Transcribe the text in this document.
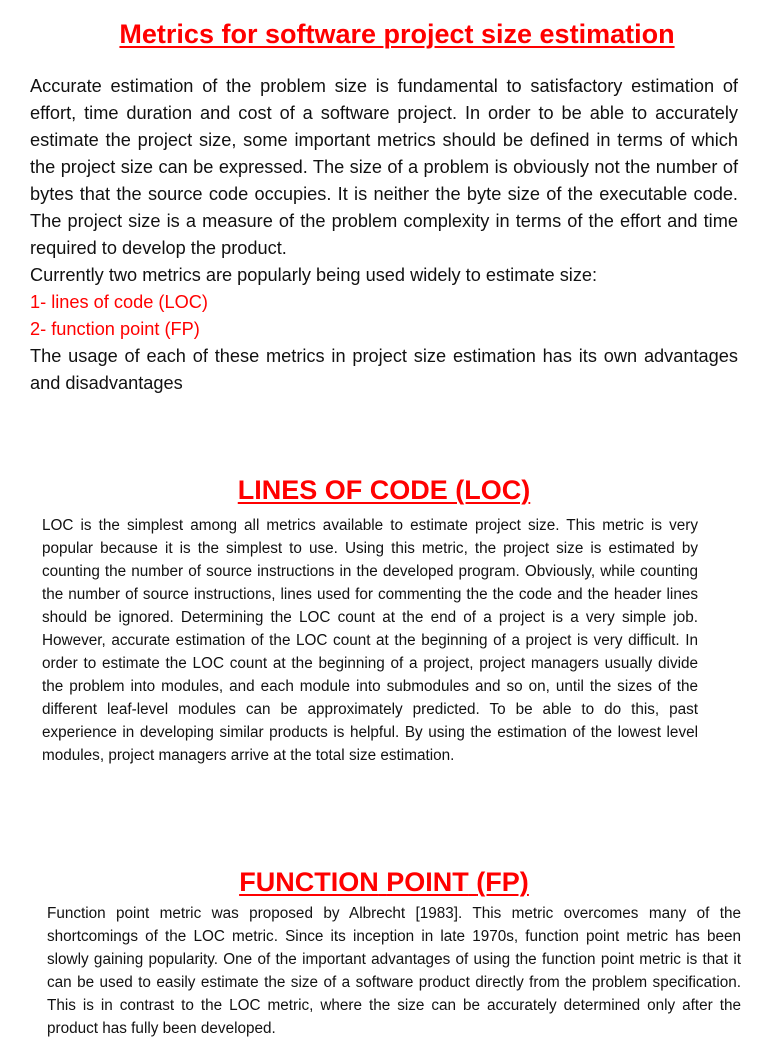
Metrics for software project size estimation

Accurate estimation of the problem size is fundamental to satisfactory estimation of effort, time duration and cost of a software project. In order to be able to accurately estimate the project size, some important metrics should be defined in terms of which the project size can be expressed. The size of a problem is obviously not the number of bytes that the source code occupies. It is neither the byte size of the executable code. The project size is a measure of the problem complexity in terms of the effort and time required to develop the product.

Currently two metrics are popularly being used widely to estimate size:

1- lines of code (LOC)

2- function point (FP)

The usage of each of these metrics in project size estimation has its own advantages and disadvantages

LINES OF CODE (LOC)

LOC is the simplest among all metrics available to estimate project size. This metric is very popular because it is the simplest to use. Using this metric, the project size is estimated by counting the number of source instructions in the developed program. Obviously, while counting the number of source instructions, lines used for commenting the the code and the header lines should be ignored. Determining the LOC count at the end of a project is a very simple job. However, accurate estimation of the LOC count at the beginning of a project is very difficult. In order to estimate the LOC count at the beginning of a project, project managers usually divide the problem into modules, and each module into submodules and so on, until the sizes of the different leaf-level modules can be approximately predicted. To be able to do this, past experience in developing similar products is helpful. By using the estimation of the lowest level modules, project managers arrive at the total size estimation.

FUNCTION POINT (FP)

Function point metric was proposed by Albrecht [1983]. This metric overcomes many of the shortcomings of the LOC metric. Since its inception in late 1970s, function point metric has been slowly gaining popularity. One of the important advantages of using the function point metric is that it can be used to easily estimate the size of a software product directly from the problem specification. This is in contrast to the LOC metric, where the size can be accurately determined only after the product has fully been developed.
